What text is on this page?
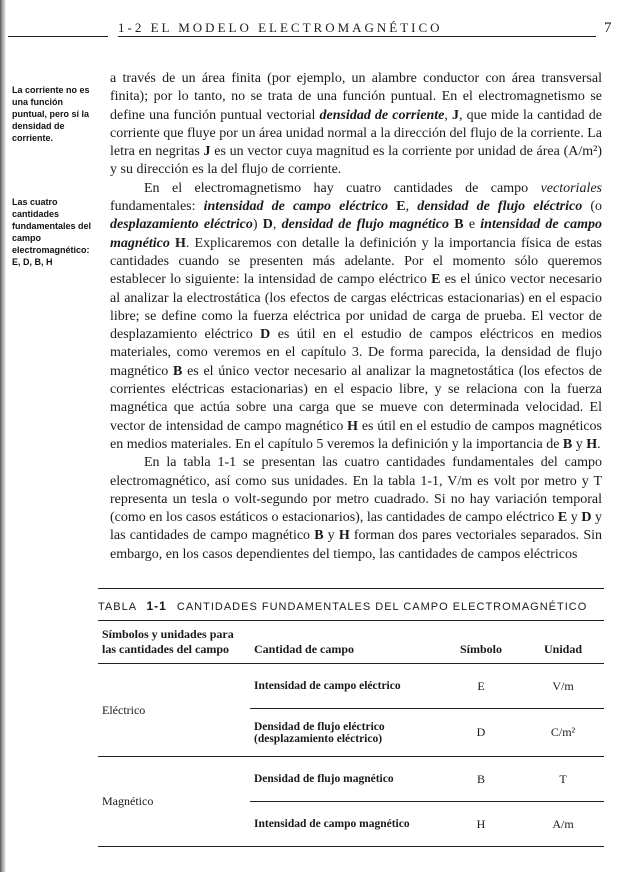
1-2 EL MODELO ELECTROMAGNÉTICO	7
La corriente no es una función puntual, pero sí la densidad de corriente.
Las cuatro cantidades fundamentales del campo electromagnético: E, D, B, H

a través de un área finita (por ejemplo, un alambre conductor con área transversal finita); por lo tanto, no se trata de una función puntual. En el electromagnetismo se define una función puntual vectorial densidad de corriente, J, que mide la cantidad de corriente que fluye por un área unidad normal a la dirección del flujo de la corriente. La letra en negritas J es un vector cuya magnitud es la corriente por unidad de área (A/m²) y su dirección es la del flujo de corriente.

En el electromagnetismo hay cuatro cantidades de campo vectoriales fundamentales: intensidad de campo eléctrico E, densidad de flujo eléctrico (o desplazamiento eléctrico) D, densidad de flujo magnético B e intensidad de campo magnético H. Explicaremos con detalle la definición y la importancia física de estas cantidades cuando se presenten más adelante. Por el momento sólo queremos establecer lo siguiente: la intensidad de campo eléctrico E es el único vector necesario al analizar la electrostática (los efectos de cargas eléctricas estacionarias) en el espacio libre; se define como la fuerza eléctrica por unidad de carga de prueba. El vector de desplazamiento eléctrico D es útil en el estudio de campos eléctricos en medios materiales, como veremos en el capítulo 3. De forma parecida, la densidad de flujo magnético B es el único vector necesario al analizar la magnetostática (los efectos de corrientes eléctricas estacionarias) en el espacio libre, y se relaciona con la fuerza magnética que actúa sobre una carga que se mueve con determinada velocidad. El vector de intensidad de campo magnético H es útil en el estudio de campos magnéticos en medios materiales. En el capítulo 5 veremos la definición y la importancia de B y H.

En la tabla 1-1 se presentan las cuatro cantidades fundamentales del campo electromagnético, así como sus unidades. En la tabla 1-1, V/m es volt por metro y T representa un tesla o volt-segundo por metro cuadrado. Si no hay variación temporal (como en los casos estáticos o estacionarios), las cantidades de campo eléctrico E y D y las cantidades de campo magnético B y H forman dos pares vectoriales separados. Sin embargo, en los casos dependientes del tiempo, las cantidades de campos eléctricos

TABLA 1-1 CANTIDADES FUNDAMENTALES DEL CAMPO ELECTROMAGNÉTICO
Símbolos y unidades para las cantidades del campo	Cantidad de campo	Símbolo	Unidad
Eléctrico	Intensidad de campo eléctrico	E	V/m
	Densidad de flujo eléctrico (desplazamiento eléctrico)	D	C/m²
Magnético	Densidad de flujo magnético	B	T
	Intensidad de campo magnético	H	A/m
